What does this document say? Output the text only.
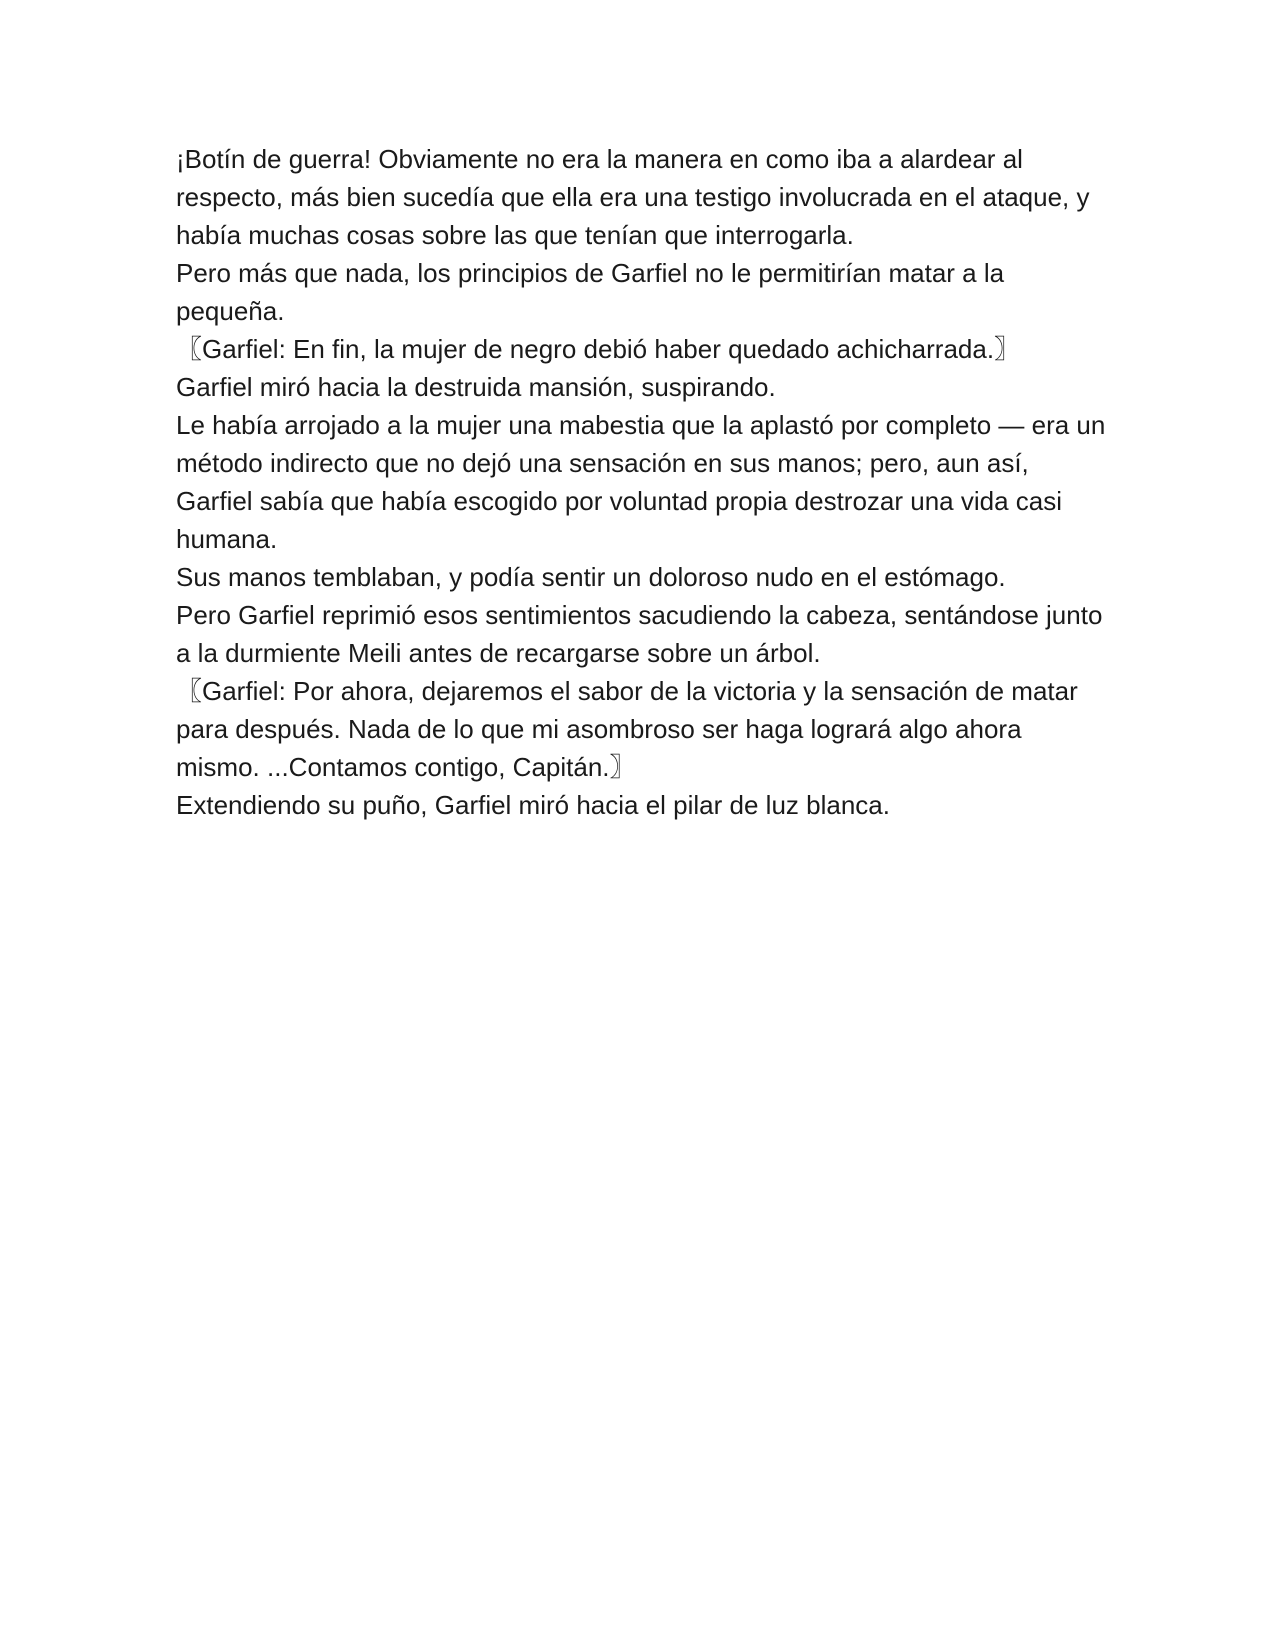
¡Botín de guerra! Obviamente no era la manera en como iba a alardear al respecto, más bien sucedía que ella era una testigo involucrada en el ataque, y había muchas cosas sobre las que tenían que interrogarla.

Pero más que nada, los principios de Garfiel no le permitirían matar a la pequeña.

〖Garfiel: En fin, la mujer de negro debió haber quedado achicharrada.〗

Garfiel miró hacia la destruida mansión, suspirando.

Le había arrojado a la mujer una mabestia que la aplastó por completo — era un método indirecto que no dejó una sensación en sus manos; pero, aun así, Garfiel sabía que había escogido por voluntad propia destrozar una vida casi humana.

Sus manos temblaban, y podía sentir un doloroso nudo en el estómago.

Pero Garfiel reprimió esos sentimientos sacudiendo la cabeza, sentándose junto a la durmiente Meili antes de recargarse sobre un árbol.

〖Garfiel: Por ahora, dejaremos el sabor de la victoria y la sensación de matar para después. Nada de lo que mi asombroso ser haga logrará algo ahora mismo. ...Contamos contigo, Capitán.〗

Extendiendo su puño, Garfiel miró hacia el pilar de luz blanca.
